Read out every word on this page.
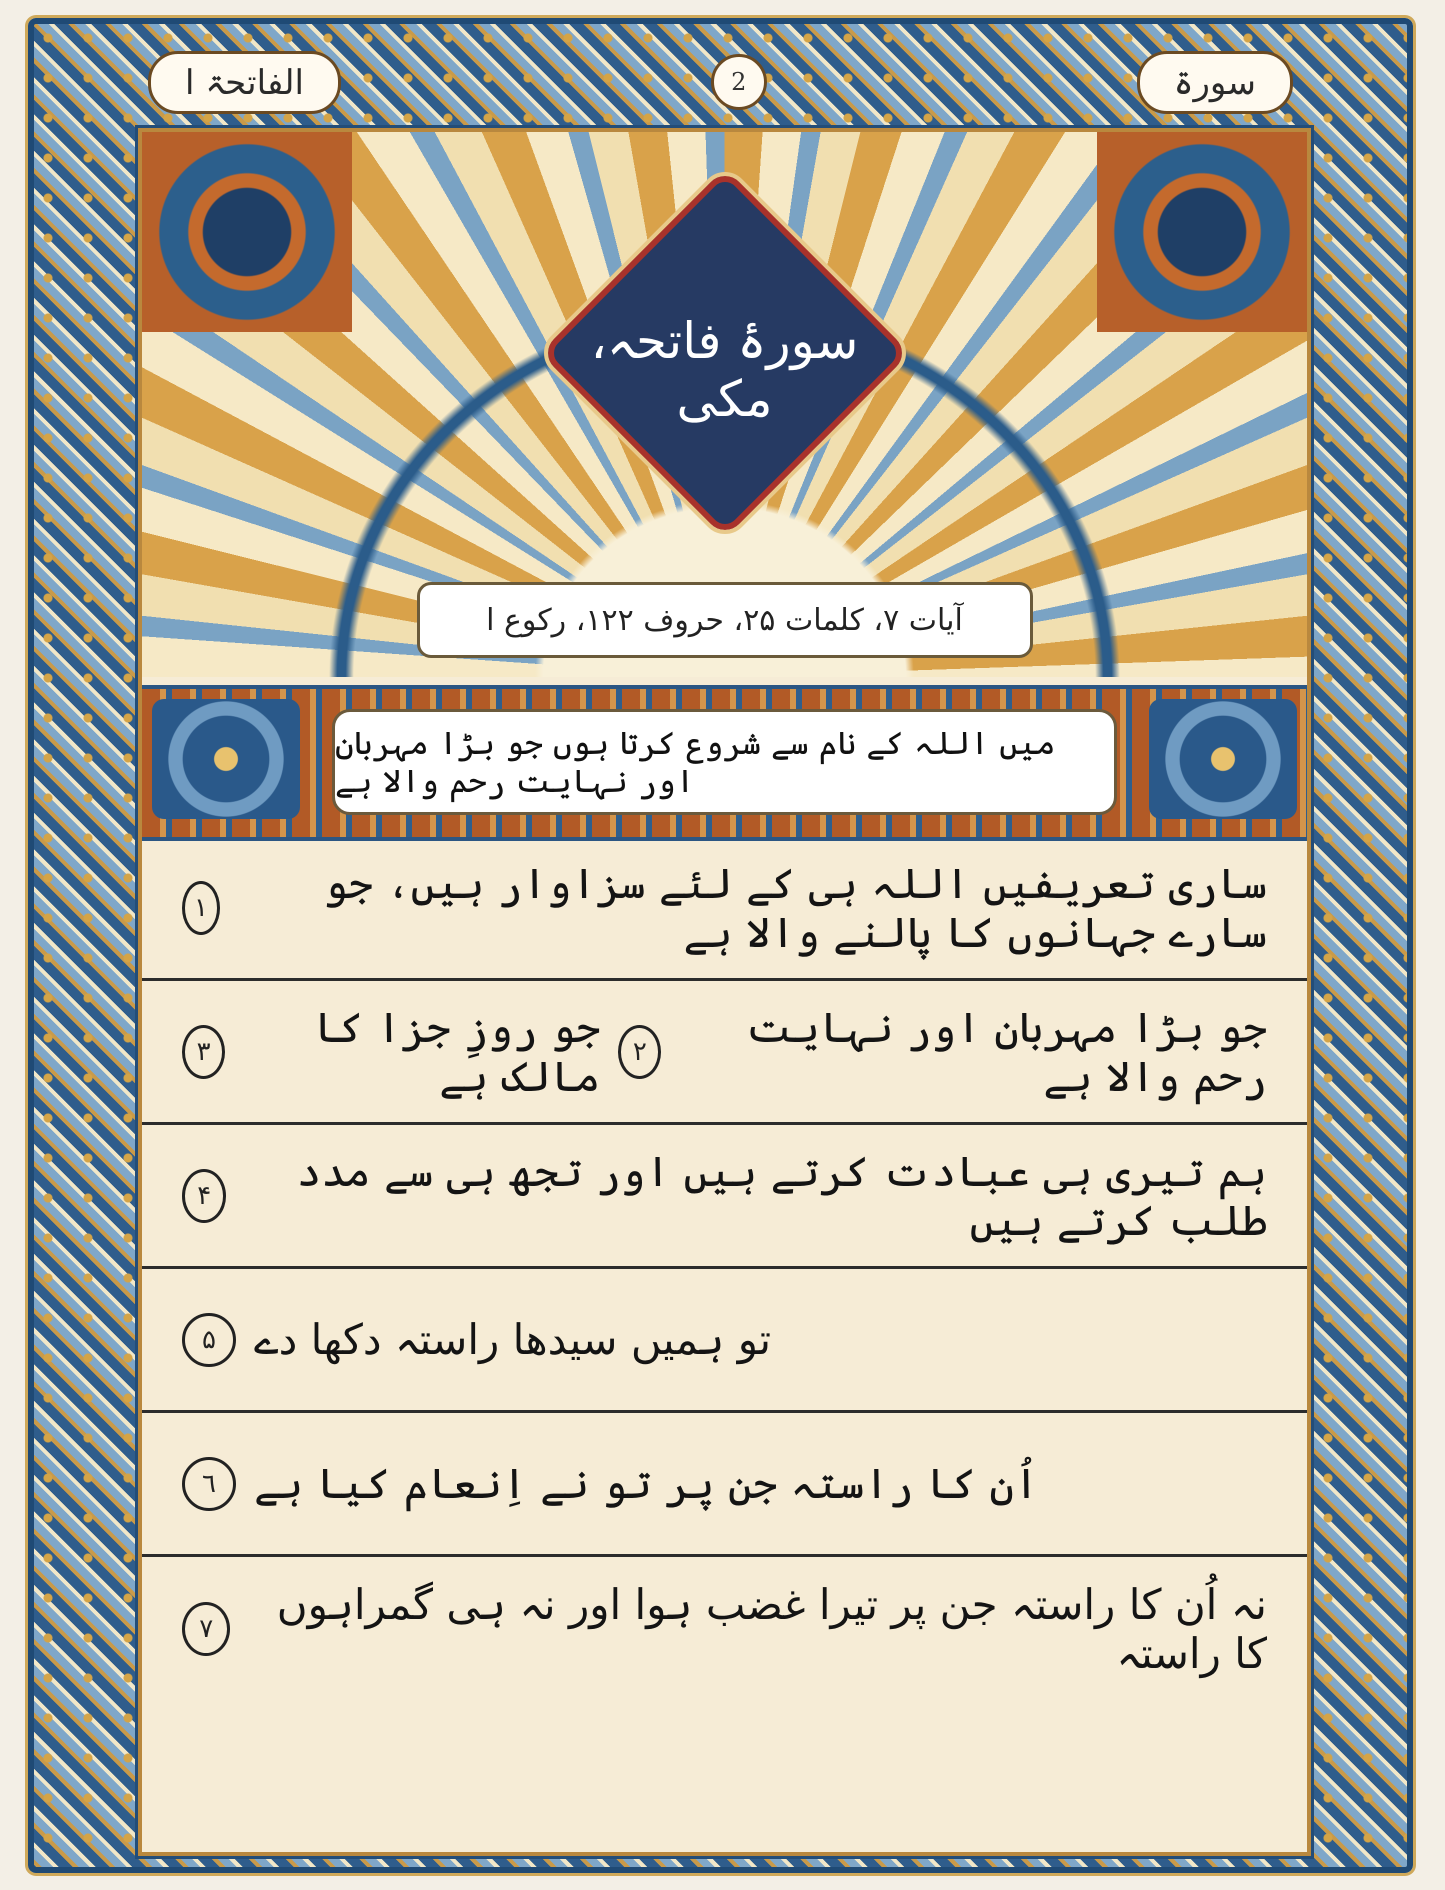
الفاتحۃ ا	2	سورۃ
سورۂ فاتحہ، مکی
آیات ۷، کلمات ۲۵، حروف ۱۲۲، رکوع ا
میں اللہ کے نام سے شروع کرتا ہوں جو بڑا مہربان اور نہایت رحم والا ہے
ساری تعریفیں اللہ ہی کے لئے سزاوار ہیں، جو سارے جہانوں کا پالنے والا ہے
١
جو بڑا مہربان اور نہایت رحم والا ہے
٢
جو روزِ جزا کا مالک ہے
٣
ہم تیری ہی عبادت کرتے ہیں اور تجھ ہی سے مدد طلب کرتے ہیں
۴
تو ہمیں سیدھا راستہ دکھا دے
۵
اُن کا راستہ جن پر تو نے اِنعام کیا ہے
٦
نہ اُن کا راستہ جن پر تیرا غضب ہوا اور نہ ہی گمراہوں کا راستہ
۷
